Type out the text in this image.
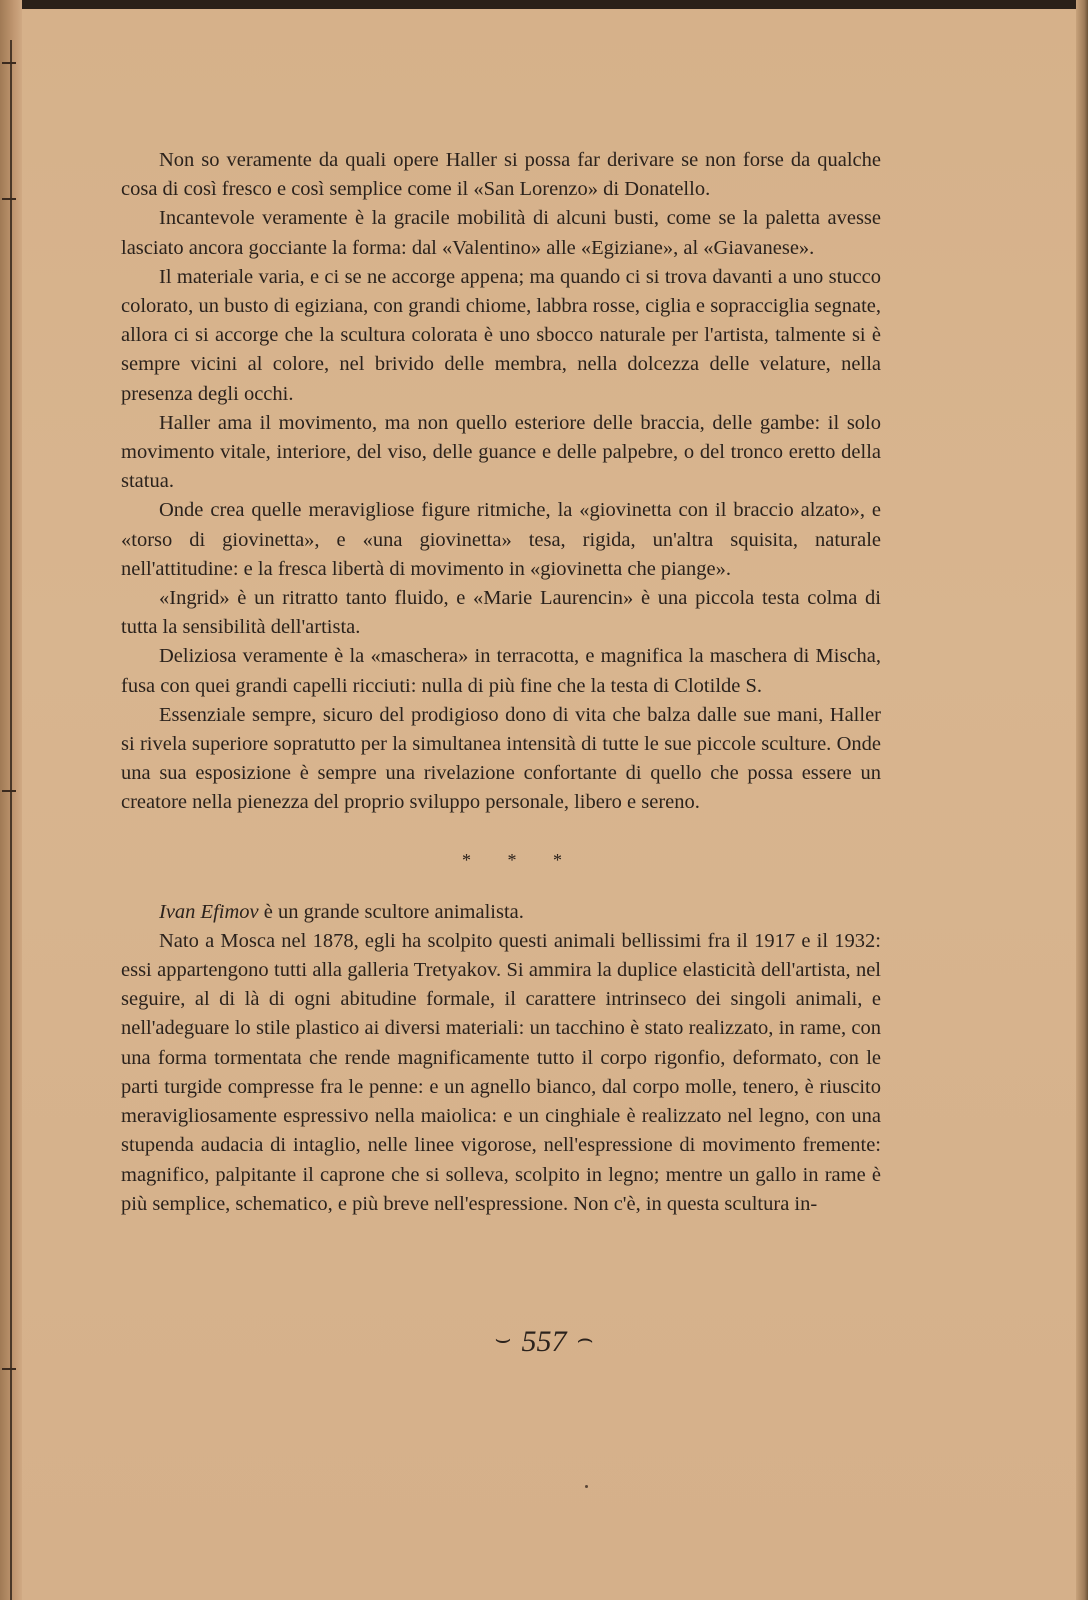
Non so veramente da quali opere Haller si possa far derivare se non forse da qualche cosa di così fresco e così semplice come il «San Lorenzo» di Donatello.

Incantevole veramente è la gracile mobilità di alcuni busti, come se la paletta avesse lasciato ancora gocciante la forma: dal «Valentino» alle «Egiziane», al «Giavanese».

Il materiale varia, e ci se ne accorge appena; ma quando ci si trova davanti a uno stucco colorato, un busto di egiziana, con grandi chiome, labbra rosse, ciglia e sopracciglia segnate, allora ci si accorge che la scultura colorata è uno sbocco naturale per l'artista, talmente si è sempre vicini al colore, nel brivido delle membra, nella dolcezza delle velature, nella presenza degli occhi.

Haller ama il movimento, ma non quello esteriore delle braccia, delle gambe: il solo movimento vitale, interiore, del viso, delle guance e delle palpebre, o del tronco eretto della statua.

Onde crea quelle meravigliose figure ritmiche, la «giovinetta con il braccio alzato», e «torso di giovinetta», e «una giovinetta» tesa, rigida, un'altra squisita, naturale nell'attitudine: e la fresca libertà di movimento in «giovinetta che piange».

«Ingrid» è un ritratto tanto fluido, e «Marie Laurencin» è una piccola testa colma di tutta la sensibilità dell'artista.

Deliziosa veramente è la «maschera» in terracotta, e magnifica la maschera di Mischa, fusa con quei grandi capelli ricciuti: nulla di più fine che la testa di Clotilde S.

Essenziale sempre, sicuro del prodigioso dono di vita che balza dalle sue mani, Haller si rivela superiore sopratutto per la simultanea intensità di tutte le sue piccole sculture. Onde una sua esposizione è sempre una rivelazione confortante di quello che possa essere un creatore nella pienezza del proprio sviluppo personale, libero e sereno.

* * *

Ivan Efimov è un grande scultore animalista.

Nato a Mosca nel 1878, egli ha scolpito questi animali bellissimi fra il 1917 e il 1932: essi appartengono tutti alla galleria Tretyakov. Si ammira la duplice elasticità dell'artista, nel seguire, al di là di ogni abitudine formale, il carattere intrinseco dei singoli animali, e nell'adeguare lo stile plastico ai diversi materiali: un tacchino è stato realizzato, in rame, con una forma tormentata che rende magnificamente tutto il corpo rigonfio, deformato, con le parti turgide compresse fra le penne: e un agnello bianco, dal corpo molle, tenero, è riuscito meravigliosamente espressivo nella maiolica: e un cinghiale è realizzato nel legno, con una stupenda audacia di intaglio, nelle linee vigorose, nell'espressione di movimento fremente: magnifico, palpitante il caprone che si solleva, scolpito in legno; mentre un gallo in rame è più semplice, schematico, e più breve nell'espressione. Non c'è, in questa scultura in-

⌣ 557 ⌢
